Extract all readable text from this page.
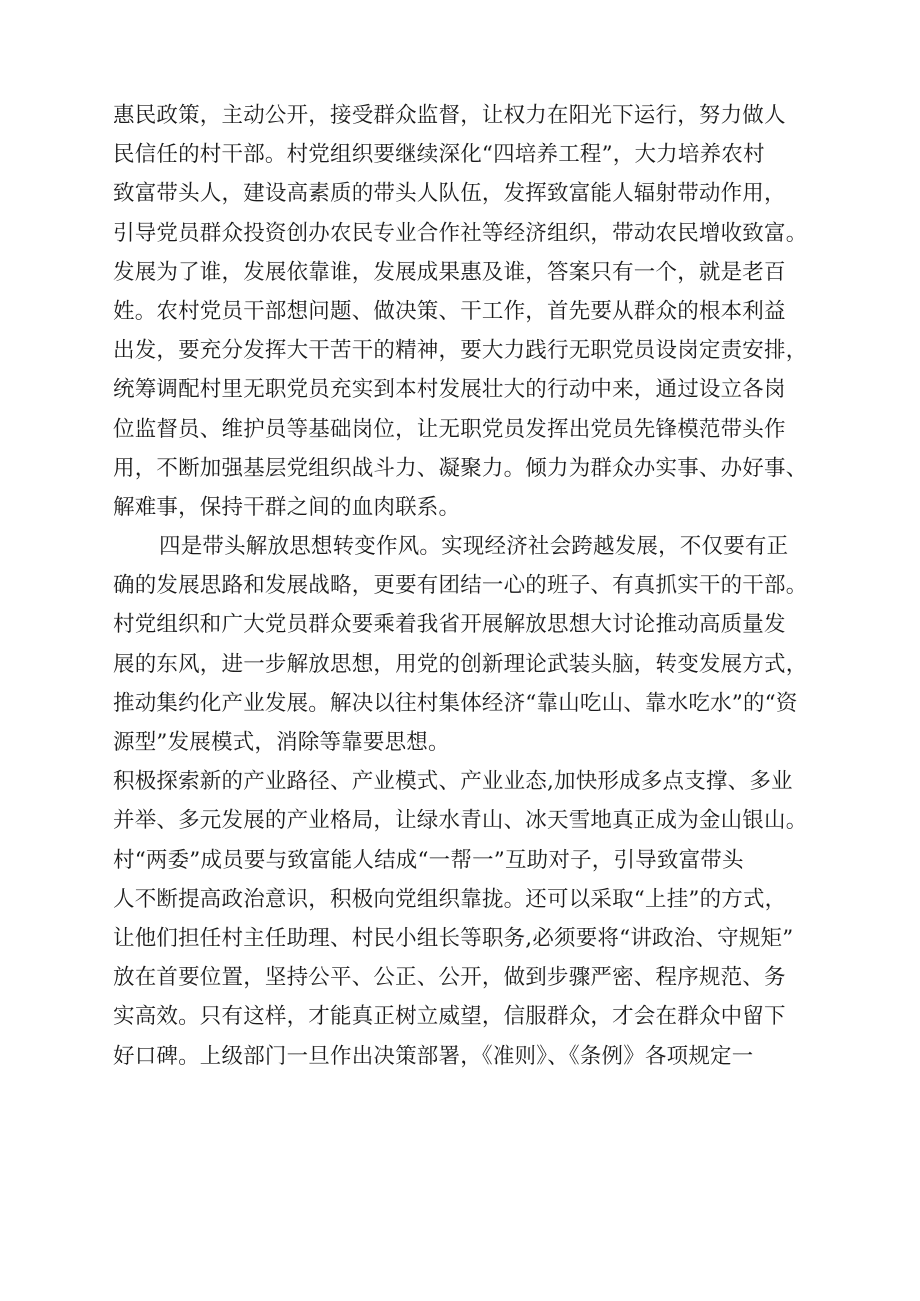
惠民政策，主动公开，接受群众监督，让权力在阳光下运行，努力做人
民信任的村干部。村党组织要继续深化“四培养工程”，大力培养农村
致富带头人，建设高素质的带头人队伍，发挥致富能人辐射带动作用，
引导党员群众投资创办农民专业合作社等经济组织，带动农民增收致富。
发展为了谁，发展依靠谁，发展成果惠及谁，答案只有一个，就是老百
姓。农村党员干部想问题、做决策、干工作，首先要从群众的根本利益
出发，要充分发挥大干苦干的精神，要大力践行无职党员设岗定责安排，
统筹调配村里无职党员充实到本村发展壮大的行动中来，通过设立各岗
位监督员、维护员等基础岗位，让无职党员发挥出党员先锋模范带头作
用，不断加强基层党组织战斗力、凝聚力。倾力为群众办实事、办好事、
解难事，保持干群之间的血肉联系。
四是带头解放思想转变作风。实现经济社会跨越发展，不仅要有正
确的发展思路和发展战略，更要有团结一心的班子、有真抓实干的干部。
村党组织和广大党员群众要乘着我省开展解放思想大讨论推动高质量发
展的东风，进一步解放思想，用党的创新理论武装头脑，转变发展方式，
推动集约化产业发展。解决以往村集体经济“靠山吃山、靠水吃水”的“资
源型”发展模式，消除等靠要思想。
积极探索新的产业路径、产业模式、产业业态,加快形成多点支撑、多业
并举、多元发展的产业格局，让绿水青山、冰天雪地真正成为金山银山。
村“两委”成员要与致富能人结成“一帮一”互助对子，引导致富带头
人不断提高政治意识，积极向党组织靠拢。还可以采取“上挂”的方式，
让他们担任村主任助理、村民小组长等职务,必须要将“讲政治、守规矩”
放在首要位置，坚持公平、公正、公开，做到步骤严密、程序规范、务
实高效。只有这样，才能真正树立威望，信服群众，才会在群众中留下
好口碑。上级部门一旦作出决策部署，《准则》、《条例》各项规定一
